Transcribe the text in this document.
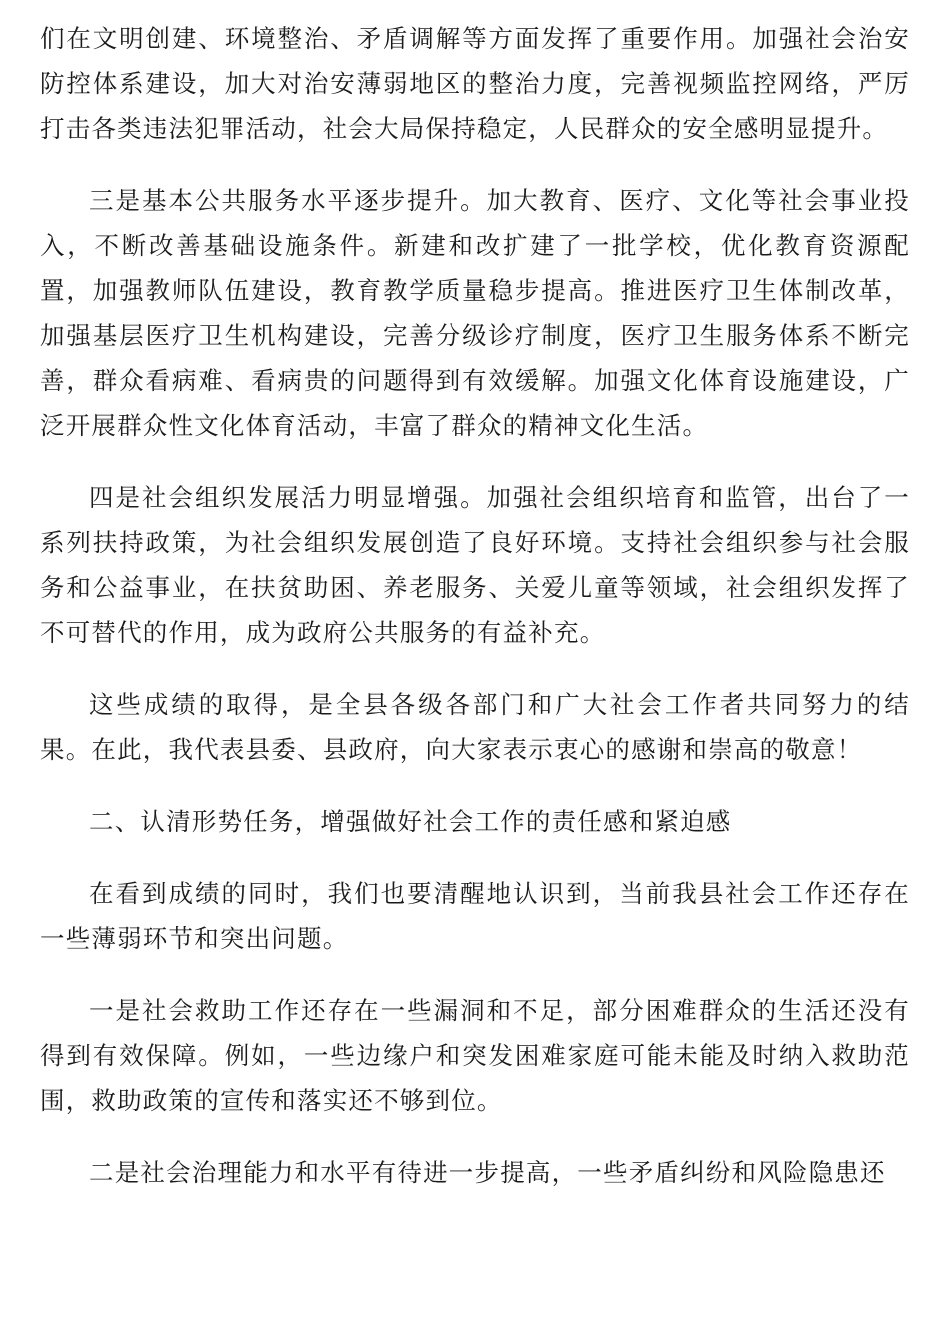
们在文明创建、环境整治、矛盾调解等方面发挥了重要作用。加强社会治安防控体系建设，加大对治安薄弱地区的整治力度，完善视频监控网络，严厉打击各类违法犯罪活动，社会大局保持稳定，人民群众的安全感明显提升。

三是基本公共服务水平逐步提升。加大教育、医疗、文化等社会事业投入，不断改善基础设施条件。新建和改扩建了一批学校，优化教育资源配置，加强教师队伍建设，教育教学质量稳步提高。推进医疗卫生体制改革，加强基层医疗卫生机构建设，完善分级诊疗制度，医疗卫生服务体系不断完善，群众看病难、看病贵的问题得到有效缓解。加强文化体育设施建设，广泛开展群众性文化体育活动，丰富了群众的精神文化生活。

四是社会组织发展活力明显增强。加强社会组织培育和监管，出台了一系列扶持政策，为社会组织发展创造了良好环境。支持社会组织参与社会服务和公益事业，在扶贫助困、养老服务、关爱儿童等领域，社会组织发挥了不可替代的作用，成为政府公共服务的有益补充。

这些成绩的取得，是全县各级各部门和广大社会工作者共同努力的结果。在此，我代表县委、县政府，向大家表示衷心的感谢和崇高的敬意！

二、认清形势任务，增强做好社会工作的责任感和紧迫感

在看到成绩的同时，我们也要清醒地认识到，当前我县社会工作还存在一些薄弱环节和突出问题。

一是社会救助工作还存在一些漏洞和不足，部分困难群众的生活还没有得到有效保障。例如，一些边缘户和突发困难家庭可能未能及时纳入救助范围，救助政策的宣传和落实还不够到位。

二是社会治理能力和水平有待进一步提高，一些矛盾纠纷和风险隐患还
